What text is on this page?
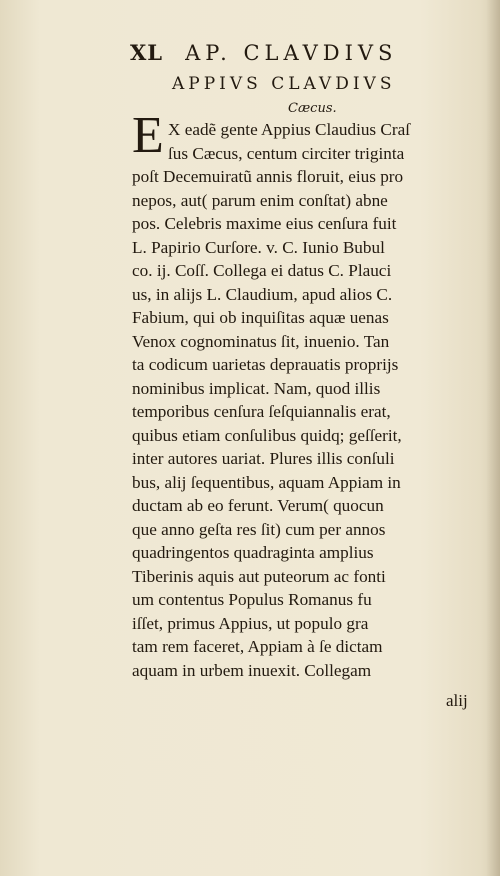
XL AP. CLAVDIVS
APPIVS CLAVDIVS
Cæcus.
E X eadẽ gente Appius Claudius Craſ
ſus Cæcus, centum circiter triginta
poſt Decemuiratũ annis floruit, eius pro
nepos, aut( parum enim conſtat) abne
pos. Celebris maxime eius cenſura fuit
L. Papirio Curſore. v. C. Iunio Bubul
co. ij. Coſſ. Collega ei datus C. Plauci
us, in alijs L. Claudium, apud alios C.
Fabium, qui ob inquiſitas aquæ uenas
Venox cognominatus ſit, inuenio. Tan
ta codicum uarietas deprauatis proprijs
nominibus implicat. Nam, quod illis
temporibus cenſura ſeſquiannalis erat,
quibus etiam conſulibus quidq; geſſerit,
inter autores uariat. Plures illis conſuli
bus, alij ſequentibus, aquam Appiam in
ductam ab eo ferunt. Verum( quocun
que anno geſta res ſit) cum per annos
quadringentos quadraginta amplius
Tiberinis aquis aut puteorum ac fonti
um contentus Populus Romanus fu
iſſet, primus Appius, ut populo gra
tam rem faceret, Appiam à ſe dictam
aquam in urbem inuexit. Collegam
alij
